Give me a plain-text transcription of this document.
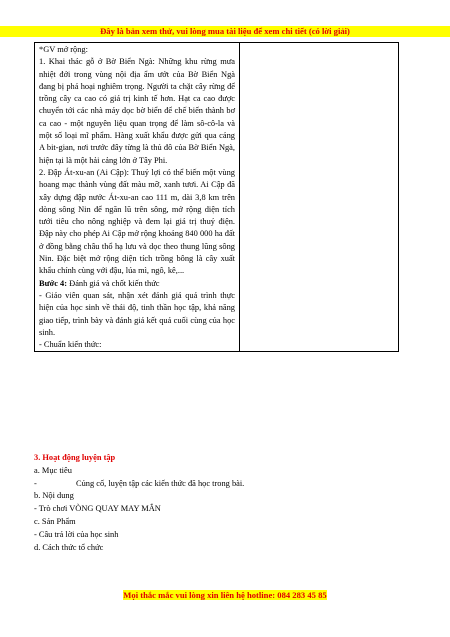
Đây là bản xem thử, vui lòng mua tài liệu để xem chi tiết (có lời giải)

*GV mở rộng:

1. Khai thác gỗ ở Bờ Biển Ngà: Những khu rừng mưa nhiệt đới trong vùng nội địa ẩm ướt của Bờ Biển Ngà đang bị phá hoại nghiêm trọng. Người ta chặt cây rừng để trồng cây ca cao có giá trị kinh tế hơn. Hạt ca cao được chuyển tới các nhà máy dọc bờ biển để chế biến thành bơ ca cao - một nguyên liệu quan trọng để làm sô-cô-la và một số loại mĩ phẩm. Hàng xuất khẩu được gửi qua cảng A bit-gian, nơi trước đây từng là thủ đô của Bờ Biển Ngà, hiện tại là một hải cảng lớn ở Tây Phi.

2. Đập Át-xu-an (Ai Cập): Thuỷ lợi có thể biến một vùng hoang mạc thành vùng đất màu mỡ, xanh tươi. Ai Cập đã xây dựng đập nước Át-xu-an cao 111 m, dài 3,8 km trên dòng sông Nin để ngăn lũ trên sông, mở rộng diện tích tưới tiêu cho nông nghiệp và đem lại giá trị thuỷ điện. Đập này cho phép Ai Cập mở rộng khoảng 840 000 ha đất ở đồng bằng châu thổ hạ lưu và dọc theo thung lũng sông Nin. Đặc biệt mở rộng diện tích trồng bông là cây xuất khẩu chính cùng với đậu, lúa mì, ngô, kê,...

Bước 4: Đánh giá và chốt kiến thức

- Giáo viên quan sát, nhận xét đánh giá quá trình thực hiện của học sinh về thái độ, tinh thần học tập, khả năng giao tiếp, trình bày và đánh giá kết quả cuối cùng của học sinh.

- Chuẩn kiến thức:

3. Hoạt động luyện tập

a. Mục tiêu

-	Củng cố, luyện tập các kiến thức đã học trong bài.

b. Nội dung

- Trò chơi VÒNG QUAY MAY MẮN

c. Sản Phẩm

- Câu trả lời của học sinh

d. Cách thức tổ chức

Mọi thắc mắc vui lòng xin liên hệ hotline: 084 283 45 85
